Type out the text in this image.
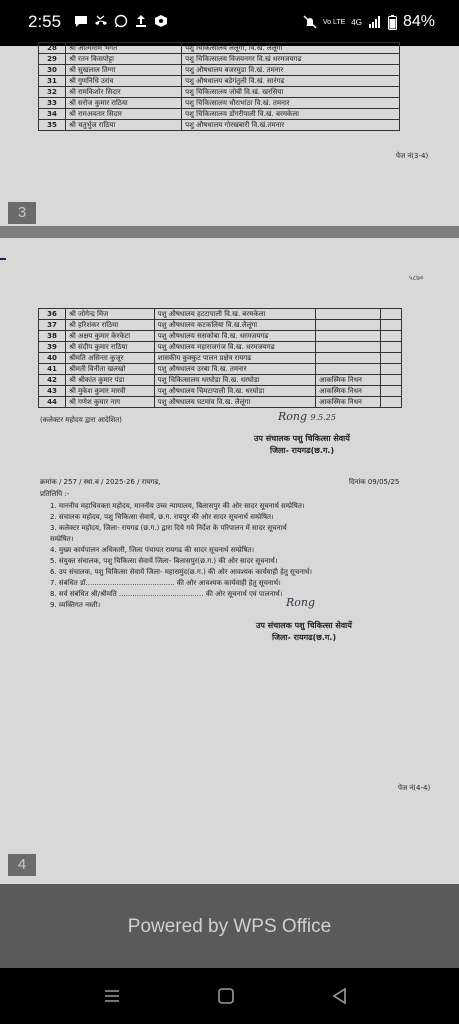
2:55	Vo LTE 4G	84%
28	श्री आत्माराम भगत	पशु चिकित्सालय लैलूंगा, वि.खं. लैलूंगा
29	श्री रतन किसपोट्टा	पशु चिकित्सालय विजयनगर वि.खं धरमजयगढ
30	श्री सुखलाल तिग्गा	पशु औषधालय बजरमुडा वि.खं. तमनार
31	श्री गुणनिधि उरांव	पशु औषधालय बडेगंतुली वि.खं. सारंगढ
32	श्री रामकिशोर सिदार	पशु चिकित्सालय जोबी वि.खं. खरसिया
33	श्री सरोज कुमार राठिया	पशु चिकित्सालय धौराभांठा वि.खं. तमनार
34	श्री रामअवतार सिदार	पशु चिकित्सालय डोंगरीपाली वि.खं. बरमकेला
35	श्री चतुर्भुज राठिया	पशु औषधालय गोरखबारी वि.खं.तमनार
पेज नं(3-4)
3
५८७०
36	श्री जोगेन्द्र मिंज	पशु औषधालय हटटापाली वि.ख. बरमकेला		
37	श्री हरिशंकर राठिया	पशु औषधालय कटकलिया वि.ख.लैलूंगा		
38	श्री अक्षय कुमार केरकेटा	पशु औषधालय ससकोबा वि.ख. धरमजयगढ		
39	श्री संदीप कुमार राठिया	पशु औषधालय महाराजगंज वि.ख. धरमजयगढ		
40	श्रीमति असिन्ता कुजूर	शासकीय कुक्कुट पालन प्रक्षेत्र रायगढ		
41	श्रीमती विनीता खलखो	पशु औषधालय उरबा वि.ख. तमनार		
42	श्री श्रीकांत कुमार पंडा	पशु चिकित्सालय धरघोडा वि.ख. धरघोडा	आकस्मिक निधन	
43	श्री मुकेश कुमार मारवी	पशु औषधालय चिमटापाली वि.ख. धरघोडा	आकस्मिक निधन	
44	श्री गणेश कुमार नाग	पशु औषधालय घटमांव वि.ख. लैलूंगा	आकस्मिक निधन	
(कलेक्टर महोदय द्वारा आदेशित)	Rong 9.5.25
उप संचालक पशु चिकित्सा सेवायें
जिला- रायगढ(छ.ग.)
क्रमांक / 257 / स्था.ब / 2025-26 / रायगढ,	दिनांक 09/05/25
प्रतिलिपि :-
1. माननीय महाधिवक्ता महोदय, माननीय उच्च न्यायालय, बिलासपुर की ओर सादर सूचनार्थ सम्प्रेषित।
2. संचालक महोदय, पशु चिकित्सा सेवायें, छ.ग. रायपुर की ओर सादर सूचनार्थ सम्प्रेषित।
3. कलेक्टर महोदय, जिला- रायगढ (छ.ग.) द्वारा दिये गये निर्देश के परिपालन में सादर सूचनार्थ
सम्प्रेषित।
4. मुख्य कार्यपालन अधिकारी, जिला पंचायत रायगढ की सादर सूचनार्थ सम्प्रेषित।
5. संयुक्त संचालक, पशु चिकित्सा सेवायें जिला- बिलासपुर(छ.ग.) की ओर सादर सूचनार्थ।
6. उप संचालक, पशु चिकित्सा सेवायें जिला- महासमुंद(छ.ग.) की ओर आवश्यक कार्यवाही हेतु सूचनार्थ।
7. संबंधित डॉ........................................ की ओर आवश्यक कार्यवाही हेतु सूचनार्थ।
8. सर्व संबंधित श्री/श्रीमति ...................................... की ओर सूचनार्थ एवं पालनार्थ।
9. व्यक्तिगत नस्ती।	Rong
उप संचालक पशु चिकित्सा सेवायें
जिला- रायगढ(छ.ग.)
पेज नं(4-4)
4
Powered by WPS Office
